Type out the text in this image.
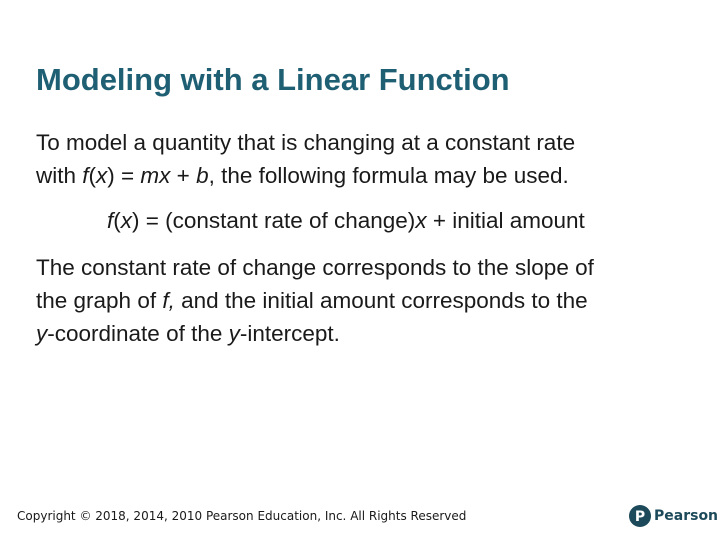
Modeling with a Linear Function

To model a quantity that is changing at a constant rate
with f(x) = mx + b, the following formula may be used.

f(x) = (constant rate of change)x + initial amount

The constant rate of change corresponds to the slope of
the graph of f, and the initial amount corresponds to the
y-coordinate of the y-intercept.

Copyright © 2018, 2014, 2010 Pearson Education, Inc. All Rights Reserved	P Pearson
